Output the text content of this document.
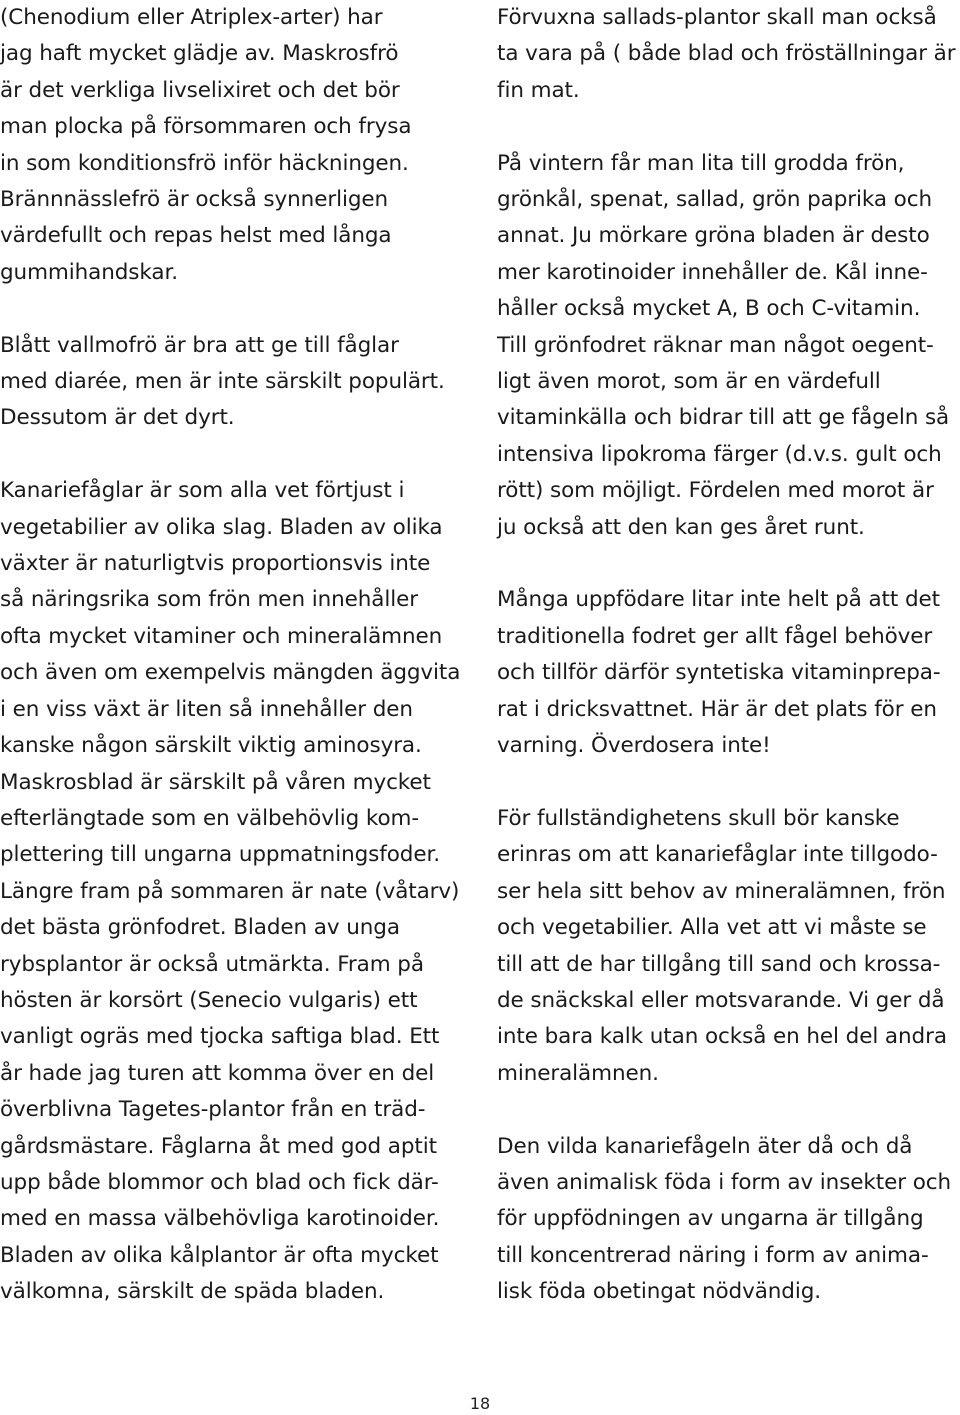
(Chenodium eller Atriplex-arter) har
jag haft mycket glädje av. Maskrosfrö
är det verkliga livselixiret och det bör
man plocka på försommaren och frysa
in som konditionsfrö inför häckningen.
Brännnässlefrö är också synnerligen
värdefullt och repas helst med långa
gummihandskar.

Blått vallmofrö är bra att ge till fåglar
med diarée, men är inte särskilt populärt.
Dessutom är det dyrt.

Kanariefåglar är som alla vet förtjust i
vegetabilier av olika slag. Bladen av olika
växter är naturligtvis proportionsvis inte
så näringsrika som frön men innehåller
ofta mycket vitaminer och mineralämnen
och även om exempelvis mängden äggvita
i en viss växt är liten så innehåller den
kanske någon särskilt viktig aminosyra.
Maskrosblad är särskilt på våren mycket
efterlängtade som en välbehövlig kom-
plettering till ungarna uppmatningsfoder.
Längre fram på sommaren är nate (våtarv)
det bästa grönfodret. Bladen av unga
rybsplantor är också utmärkta. Fram på
hösten är korsört (Senecio vulgaris) ett
vanligt ogräs med tjocka saftiga blad. Ett
år hade jag turen att komma över en del
överblivna Tagetes-plantor från en träd-
gårdsmästare. Fåglarna åt med god aptit
upp både blommor och blad och fick där-
med en massa välbehövliga karotinoider.
Bladen av olika kålplantor är ofta mycket
välkomna, särskilt de späda bladen.

Förvuxna sallads-plantor skall man också
ta vara på ( både blad och fröställningar är
fin mat.

På vintern får man lita till grodda frön,
grönkål, spenat, sallad, grön paprika och
annat. Ju mörkare gröna bladen är desto
mer karotinoider innehåller de. Kål inne-
håller också mycket A, B och C-vitamin.
Till grönfodret räknar man något oegent-
ligt även morot, som är en värdefull
vitaminkälla och bidrar till att ge fågeln så
intensiva lipokroma färger (d.v.s. gult och
rött) som möjligt. Fördelen med morot är
ju också att den kan ges året runt.

Många uppfödare litar inte helt på att det
traditionella fodret ger allt fågel behöver
och tillför därför syntetiska vitaminprepa-
rat i dricksvattnet. Här är det plats för en
varning. Överdosera inte!

För fullständighetens skull bör kanske
erinras om att kanariefåglar inte tillgodo-
ser hela sitt behov av mineralämnen, frön
och vegetabilier. Alla vet att vi måste se
till att de har tillgång till sand och krossa-
de snäckskal eller motsvarande. Vi ger då
inte bara kalk utan också en hel del andra
mineralämnen.

Den vilda kanariefågeln äter då och då
även animalisk föda i form av insekter och
för uppfödningen av ungarna är tillgång
till koncentrerad näring i form av anima-
lisk föda obetingat nödvändig.

18
